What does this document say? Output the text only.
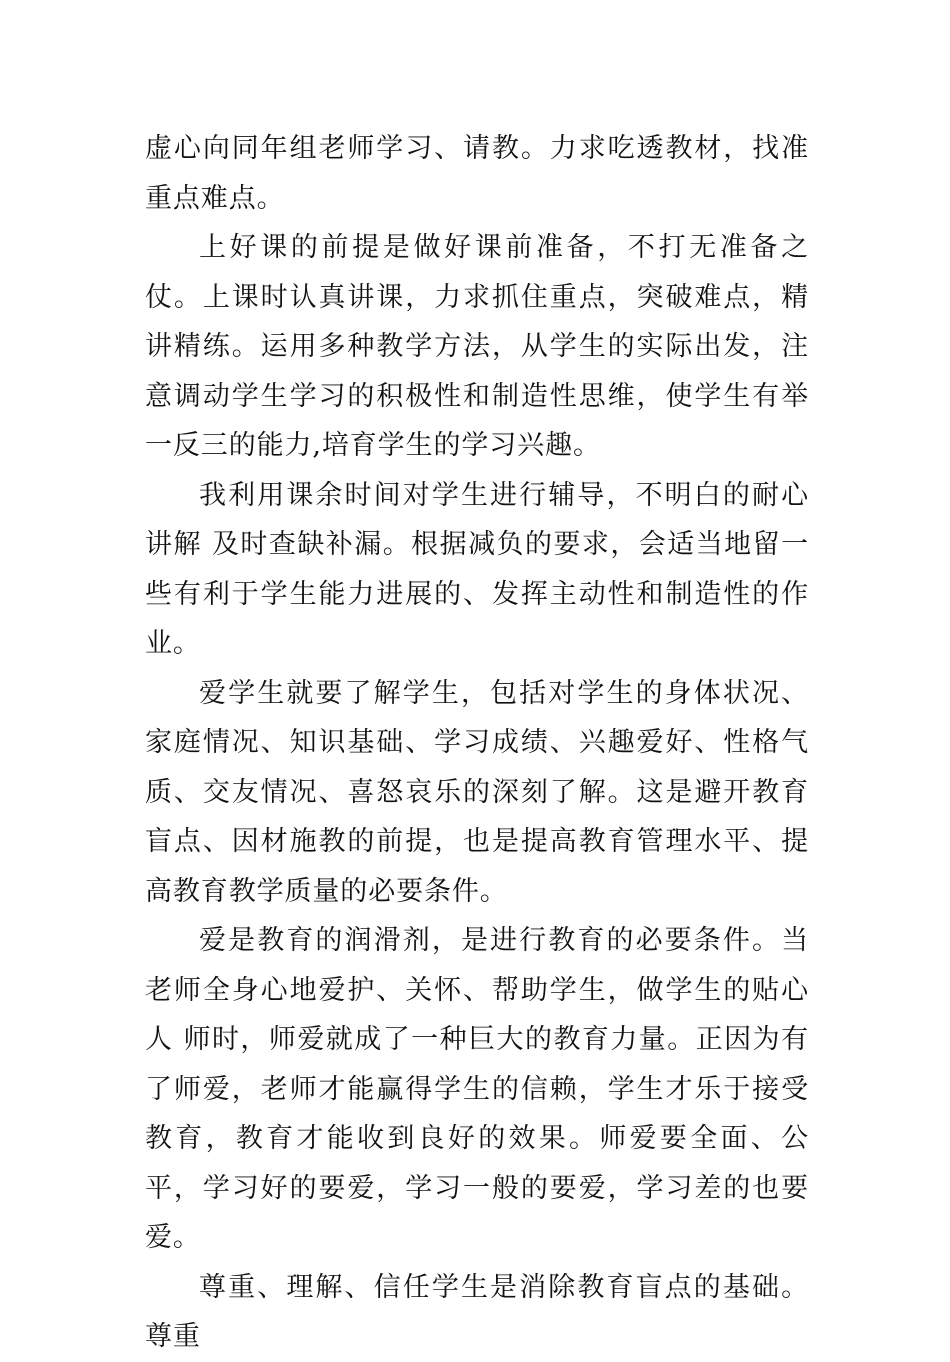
虚心向同年组老师学习、请教。力求吃透教材，找准重点难点。

上好课的前提是做好课前准备，不打无准备之仗。上课时认真讲课，力求抓住重点，突破难点，精讲精练。运用多种教学方法，从学生的实际出发，注意调动学生学习的积极性和制造性思维，使学生有举一反三的能力,培育学生的学习兴趣。

我利用课余时间对学生进行辅导，不明白的耐心讲解 及时查缺补漏。根据减负的要求，会适当地留一些有利于学生能力进展的、发挥主动性和制造性的作业。

爱学生就要了解学生，包括对学生的身体状况、家庭情况、知识基础、学习成绩、兴趣爱好、性格气质、交友情况、喜怒哀乐的深刻了解。这是避开教育盲点、因材施教的前提，也是提高教育管理水平、提高教育教学质量的必要条件。

爱是教育的润滑剂，是进行教育的必要条件。当老师全身心地爱护、关怀、帮助学生，做学生的贴心人 师时，师爱就成了一种巨大的教育力量。正因为有了师爱，老师才能赢得学生的信赖，学生才乐于接受教育，教育才能收到良好的效果。师爱要全面、公平，学习好的要爱，学习一般的要爱，学习差的也要爱。

尊重、理解、信任学生是消除教育盲点的基础。尊重
